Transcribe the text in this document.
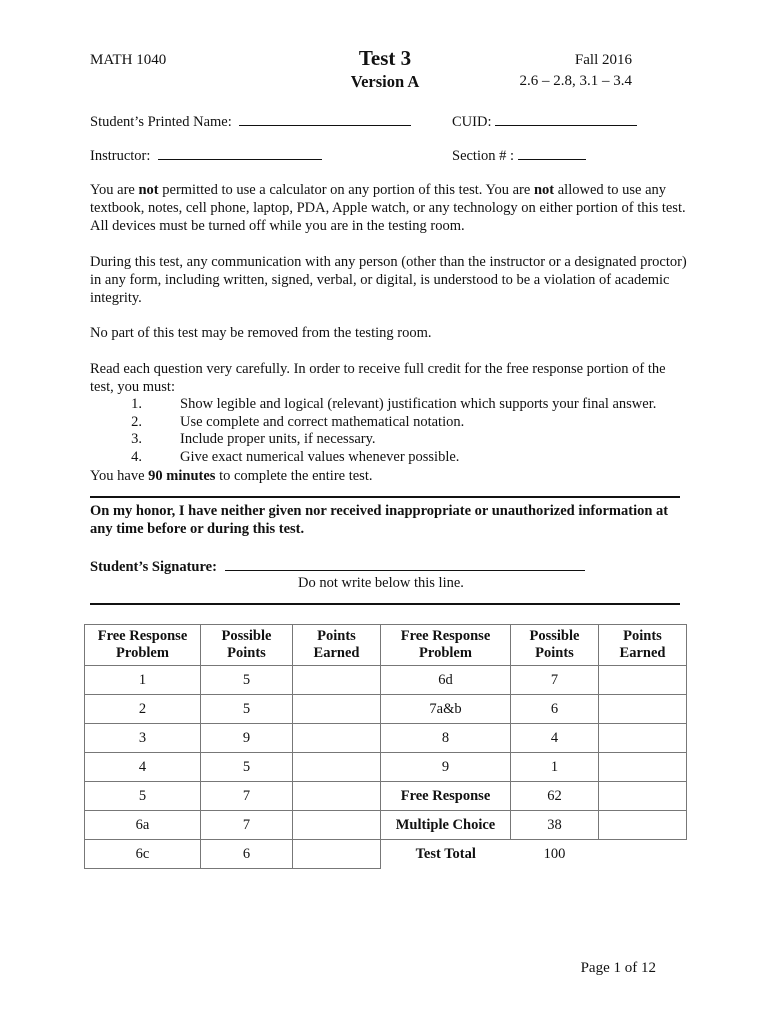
MATH 1040	Test 3
Version A
Fall 2016
2.6 – 2.8, 3.1 – 3.4
Student’s Printed Name:	CUID:
Instructor:	Section # :

You are not permitted to use a calculator on any portion of this test. You are not allowed to use any textbook, notes, cell phone, laptop, PDA, Apple watch, or any technology on either portion of this test. All devices must be turned off while you are in the testing room.

During this test, any communication with any person (other than the instructor or a designated proctor) in any form, including written, signed, verbal, or digital, is understood to be a violation of academic integrity.

No part of this test may be removed from the testing room.

Read each question very carefully. In order to receive full credit for the free response portion of the test, you must:

1.	Show legible and logical (relevant) justification which supports your final answer.
2.	Use complete and correct mathematical notation.
3.	Include proper units, if necessary.
4.	Give exact numerical values whenever possible.

You have 90 minutes to complete the entire test.

On my honor, I have neither given nor received inappropriate or unauthorized information at any time before or during this test.
Student’s Signature:
Do not write below this line.
Free Response Problem	Possible Points	Points Earned	Free Response Problem	Possible Points	Points Earned
1	5		6d	7	
2	5		7a&b	6	
3	9		8	4	
4	5		9	1	
5	7		Free Response	62	
6a	7		Multiple Choice	38	
6c	6		Test Total	100	
Page 1 of 12
